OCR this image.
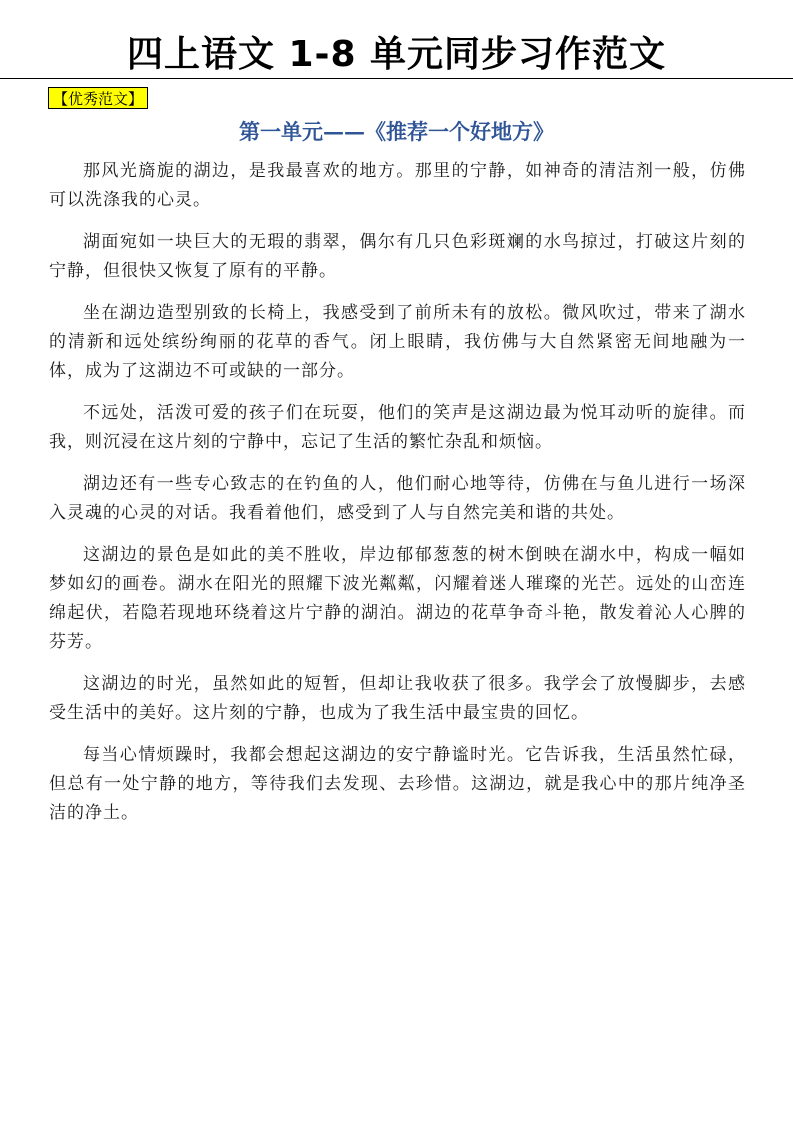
四上语文 1-8 单元同步习作范文
【优秀范文】
第一单元——《推荐一个好地方》

那风光旖旎的湖边，是我最喜欢的地方。那里的宁静，如神奇的清洁剂一般，仿佛可以洗涤我的心灵。

湖面宛如一块巨大的无瑕的翡翠，偶尔有几只色彩斑斓的水鸟掠过，打破这片刻的宁静，但很快又恢复了原有的平静。

坐在湖边造型别致的长椅上，我感受到了前所未有的放松。微风吹过，带来了湖水的清新和远处缤纷绚丽的花草的香气。闭上眼睛，我仿佛与大自然紧密无间地融为一体，成为了这湖边不可或缺的一部分。

不远处，活泼可爱的孩子们在玩耍，他们的笑声是这湖边最为悦耳动听的旋律。而我，则沉浸在这片刻的宁静中，忘记了生活的繁忙杂乱和烦恼。

湖边还有一些专心致志的在钓鱼的人，他们耐心地等待，仿佛在与鱼儿进行一场深入灵魂的心灵的对话。我看着他们，感受到了人与自然完美和谐的共处。

这湖边的景色是如此的美不胜收，岸边郁郁葱葱的树木倒映在湖水中，构成一幅如梦如幻的画卷。湖水在阳光的照耀下波光粼粼，闪耀着迷人璀璨的光芒。远处的山峦连绵起伏，若隐若现地环绕着这片宁静的湖泊。湖边的花草争奇斗艳，散发着沁人心脾的芬芳。

这湖边的时光，虽然如此的短暂，但却让我收获了很多。我学会了放慢脚步，去感受生活中的美好。这片刻的宁静，也成为了我生活中最宝贵的回忆。

每当心情烦躁时，我都会想起这湖边的安宁静谧时光。它告诉我，生活虽然忙碌，但总有一处宁静的地方，等待我们去发现、去珍惜。这湖边，就是我心中的那片纯净圣洁的净土。
